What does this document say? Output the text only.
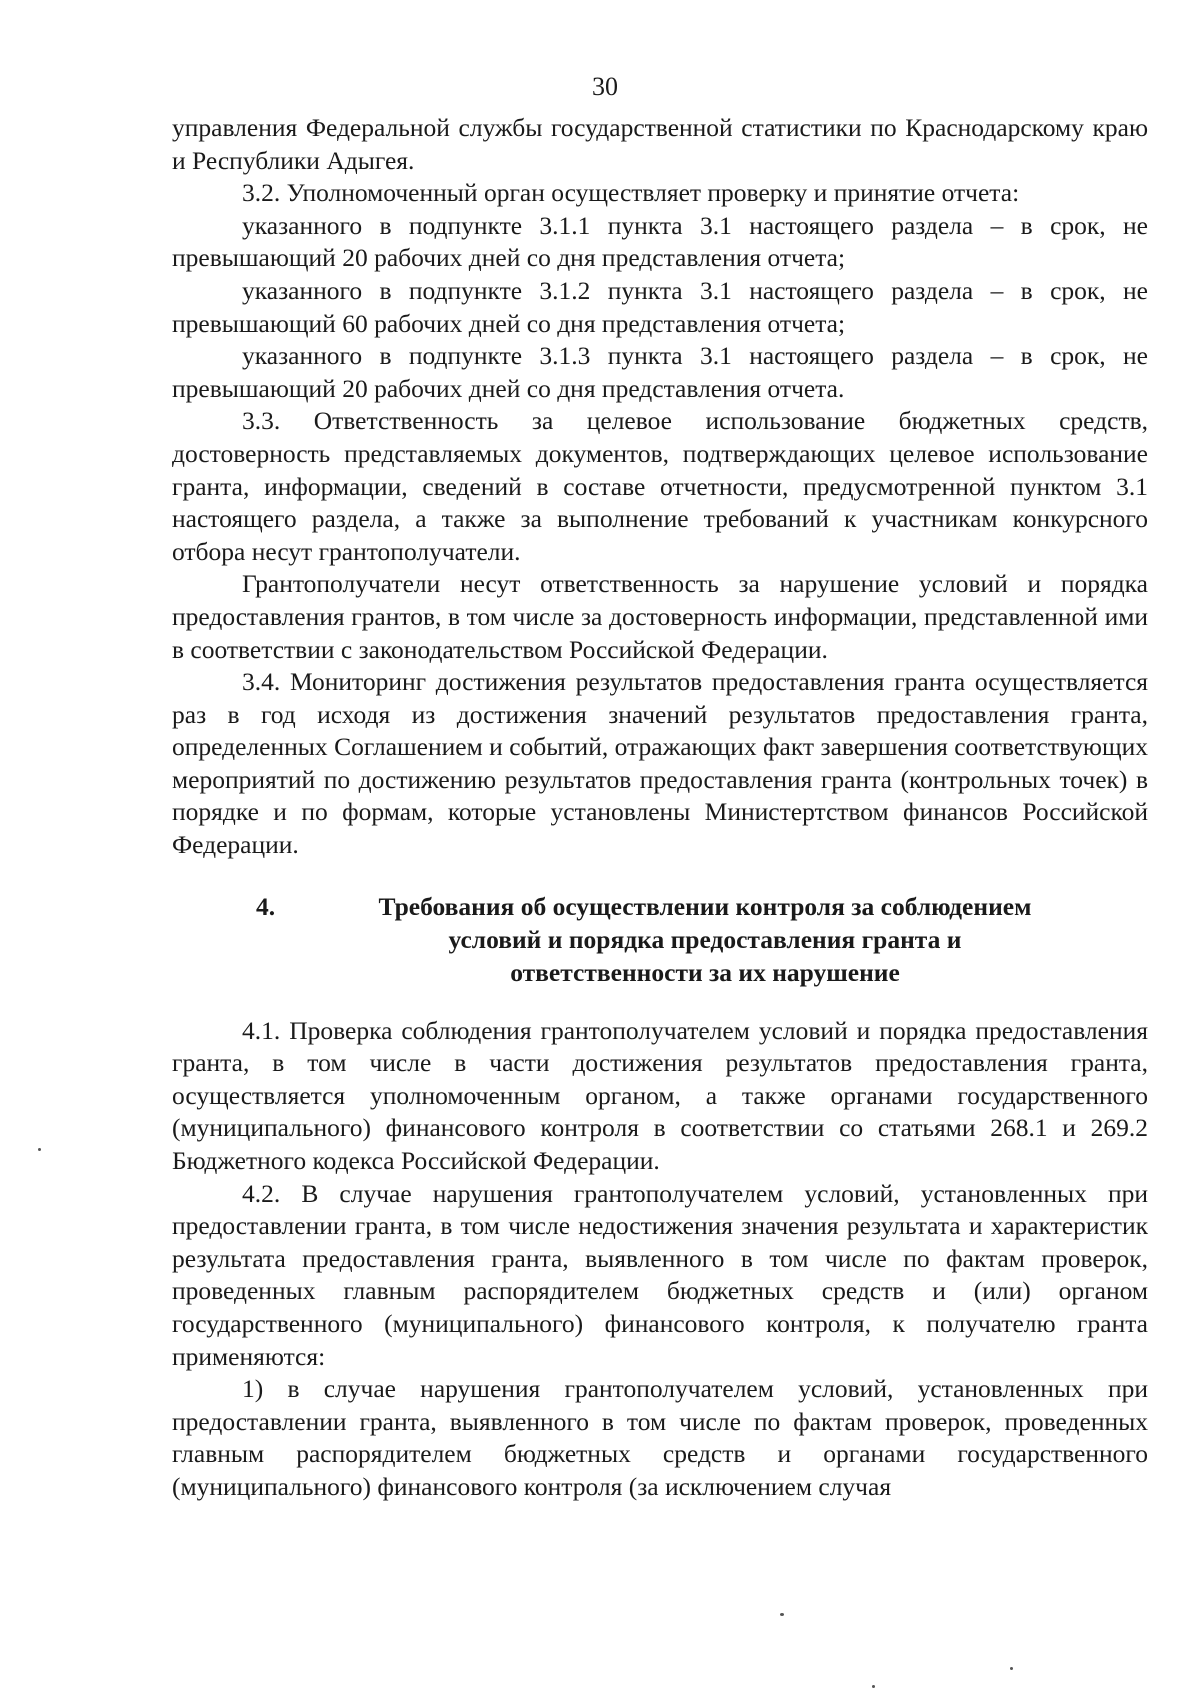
30

управления Федеральной службы государственной статистики по Краснодарскому краю и Республики Адыгея.

3.2. Уполномоченный орган осуществляет проверку и принятие отчета:

указанного в подпункте 3.1.1 пункта 3.1 настоящего раздела – в срок, не превышающий 20 рабочих дней со дня представления отчета;

указанного в подпункте 3.1.2 пункта 3.1 настоящего раздела – в срок, не превышающий 60 рабочих дней со дня представления отчета;

указанного в подпункте 3.1.3 пункта 3.1 настоящего раздела – в срок, не превышающий 20 рабочих дней со дня представления отчета.

3.3. Ответственность за целевое использование бюджетных средств, достоверность представляемых документов, подтверждающих целевое использование гранта, информации, сведений в составе отчетности, предусмотренной пунктом 3.1 настоящего раздела, а также за выполнение требований к участникам конкурсного отбора несут грантополучатели.

Грантополучатели несут ответственность за нарушение условий и порядка предоставления грантов, в том числе за достоверность информации, представленной ими в соответствии с законодательством Российской Федерации.

3.4. Мониторинг достижения результатов предоставления гранта осуществляется раз в год исходя из достижения значений результатов предоставления гранта, определенных Соглашением и событий, отражающих факт завершения соответствующих мероприятий по достижению результатов предоставления гранта (контрольных точек) в порядке и по формам, которые установлены Министертством финансов Российской Федерации.

4.	Требования об осуществлении контроля за соблюдением
условий и порядка предоставления гранта и
ответственности за их нарушение

4.1. Проверка соблюдения грантополучателем условий и порядка предоставления гранта, в том числе в части достижения результатов предоставления гранта, осуществляется уполномоченным органом, а также органами государственного (муниципального) финансового контроля в соответствии со статьями 268.1 и 269.2 Бюджетного кодекса Российской Федерации.

4.2. В случае нарушения грантополучателем условий, установленных при предоставлении гранта, в том числе недостижения значения результата и характеристик результата предоставления гранта, выявленного в том числе по фактам проверок, проведенных главным распорядителем бюджетных средств и (или) органом государственного (муниципального) финансового контроля, к получателю гранта применяются:

1) в случае нарушения грантополучателем условий, установленных при предоставлении гранта, выявленного в том числе по фактам проверок, проведенных главным распорядителем бюджетных средств и органами государственного (муниципального) финансового контроля (за исключением случая
